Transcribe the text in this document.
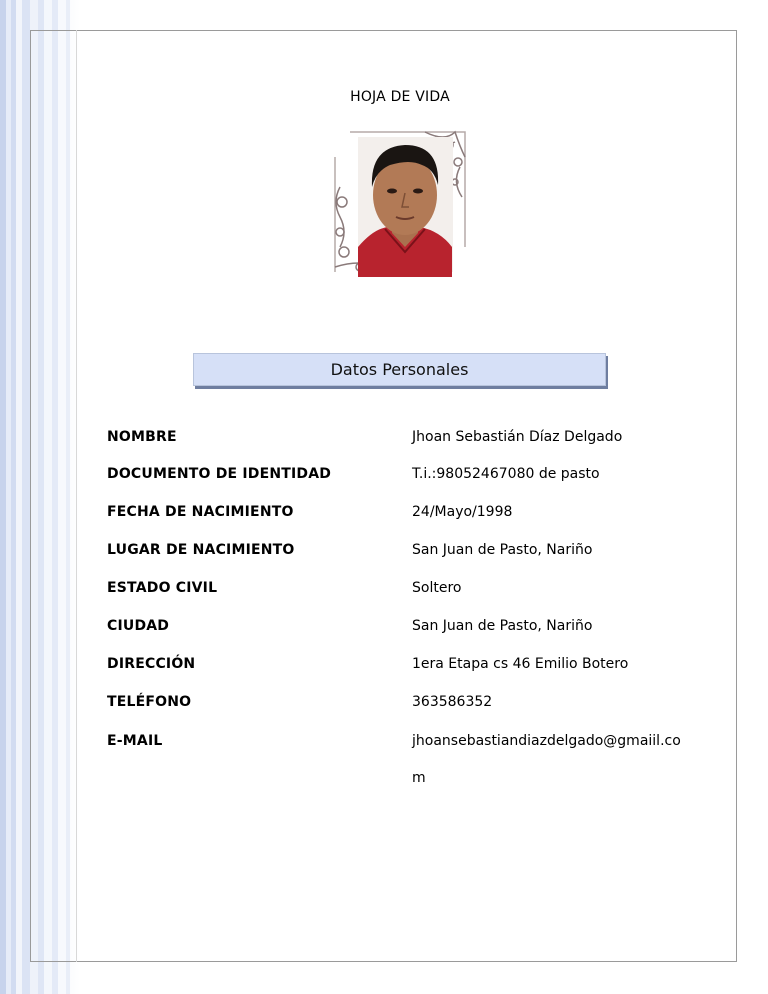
HOJA DE VIDA
Datos Personales
NOMBRE	Jhoan Sebastián Díaz Delgado
DOCUMENTO DE IDENTIDAD	T.i.:98052467080 de pasto
FECHA DE NACIMIENTO	24/Mayo/1998
LUGAR DE NACIMIENTO	San Juan de Pasto, Nariño
ESTADO CIVIL	Soltero
CIUDAD	San Juan de Pasto, Nariño
DIRECCIÓN	1era Etapa cs 46 Emilio Botero
TELÉFONO	363586352
E-MAIL	jhoansebastiandiazdelgado@gmaiil.co
m
